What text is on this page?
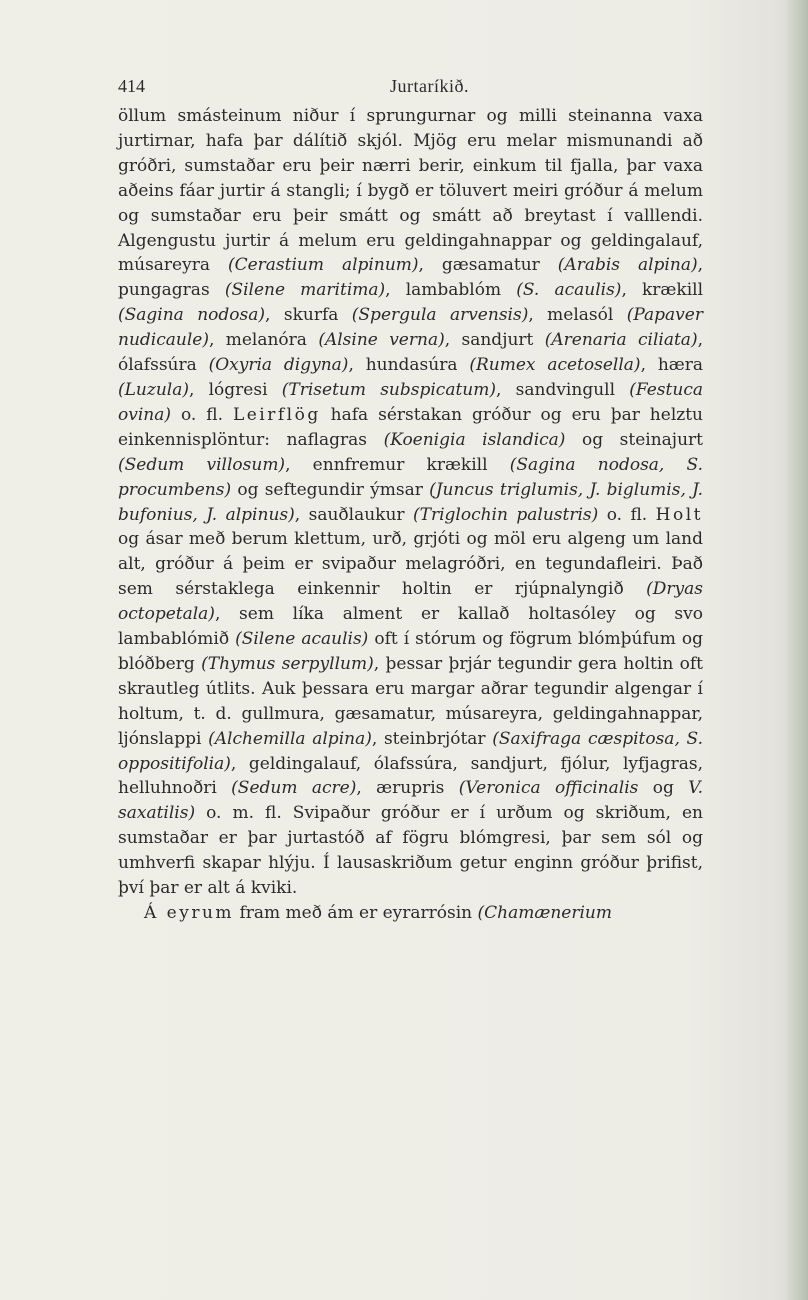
414	Jurtaríkið.

öllum smásteinum niður í sprungurnar og milli steinanna vaxa jurtirnar, hafa þar dálítið skjól. Mjög eru melar mismunandi að gróðri, sumstaðar eru þeir nærri berir, einkum til fjalla, þar vaxa aðeins fáar jurtir á stangli; í bygð er töluvert meiri gróður á melum og sumstaðar eru þeir smátt og smátt að breytast í valllendi. Algengustu jurtir á melum eru geldingahnappar og geldingalauf, músareyra (Cerastium alpinum), gæsamatur (Arabis alpina), pungagras (Silene maritima), lambablóm (S. acaulis), krækill (Sagina nodosa), skurfa (Spergula arvensis), melasól (Papaver nudicaule), melanóra (Alsine verna), sandjurt (Arenaria ciliata), ólafssúra (Oxyria digyna), hundasúra (Rumex acetosella), hæra (Luzula), lógresi (Trisetum subspicatum), sandvingull (Festuca ovina) o. fl. Leirflög hafa sérstakan gróður og eru þar helztu einkennisplöntur: naflagras (Koenigia islandica) og steinajurt (Sedum villosum), ennfremur krækill (Sagina nodosa, S. procumbens) og seftegundir ýmsar (Juncus triglumis, J. biglumis, J. bufonius, J. alpinus), sauðlaukur (Triglochin palustris) o. fl. Holt og ásar með berum klettum, urð, grjóti og möl eru algeng um land alt, gróður á þeim er svipaður melagróðri, en tegundafleiri. Það sem sérstaklega einkennir holtin er rjúpnalyngið (Dryas octopetala), sem líka alment er kallað holtasóley og svo lambablómið (Silene acaulis) oft í stórum og fögrum blómþúfum og blóðberg (Thymus serpyllum), þessar þrjár tegundir gera holtin oft skrautleg útlits. Auk þessara eru margar aðrar tegundir algengar í holtum, t. d. gullmura, gæsamatur, músareyra, geldingahnappar, ljónslappi (Alchemilla alpina), steinbrjótar (Saxifraga cæspitosa, S. oppositifolia), geldingalauf, ólafssúra, sandjurt, fjólur, lyfjagras, helluhnoðri (Sedum acre), ærupris (Veronica officinalis og V. saxatilis) o. m. fl. Svipaður gróður er í urðum og skriðum, en sumstaðar er þar jurtastóð af fögru blómgresi, þar sem sól og umhverfi skapar hlýju. Í lausaskriðum getur enginn gróður þrifist, því þar er alt á kviki.

Á eyrum fram með ám er eyrarrósin (Chamænerium
